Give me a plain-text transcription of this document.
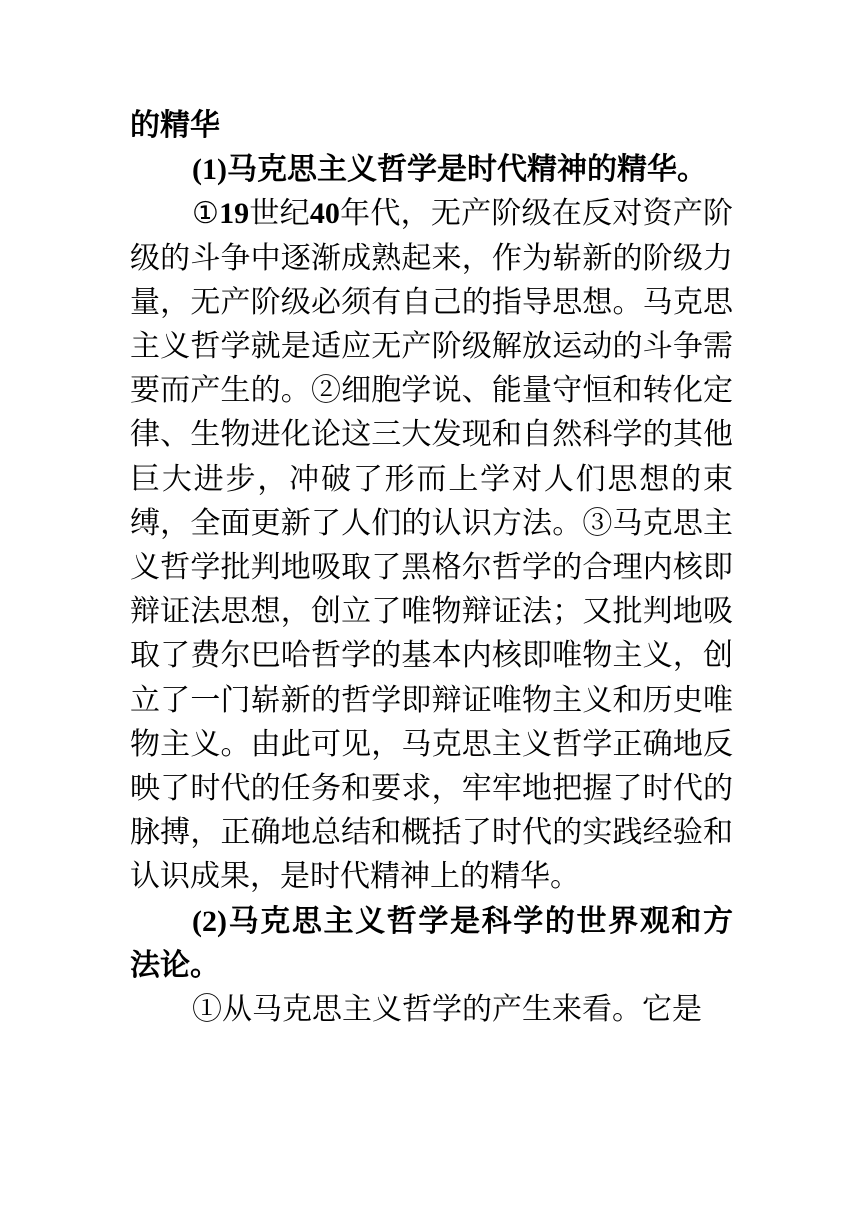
的精华

(1)马克思主义哲学是时代精神的精华。

①19世纪40年代，无产阶级在反对资产阶级的斗争中逐渐成熟起来，作为崭新的阶级力量，无产阶级必须有自己的指导思想。马克思主义哲学就是适应无产阶级解放运动的斗争需要而产生的。②细胞学说、能量守恒和转化定律、生物进化论这三大发现和自然科学的其他巨大进步，冲破了形而上学对人们思想的束缚，全面更新了人们的认识方法。③马克思主义哲学批判地吸取了黑格尔哲学的合理内核即辩证法思想，创立了唯物辩证法；又批判地吸取了费尔巴哈哲学的基本内核即唯物主义，创立了一门崭新的哲学即辩证唯物主义和历史唯物主义。由此可见，马克思主义哲学正确地反映了时代的任务和要求，牢牢地把握了时代的脉搏，正确地总结和概括了时代的实践经验和认识成果，是时代精神上的精华。

(2)马克思主义哲学是科学的世界观和方法论。

①从马克思主义哲学的产生来看。它是
